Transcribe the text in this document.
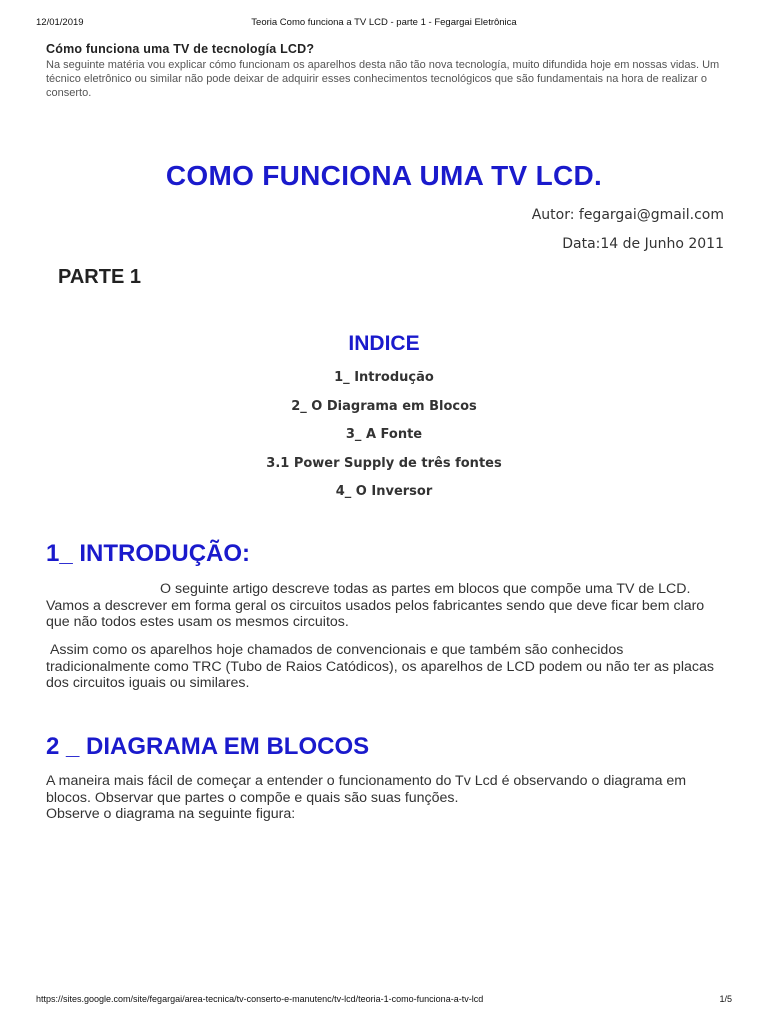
12/01/2019	Teoria Como funciona a TV LCD - parte 1 - Fegargai Eletrônica

Cómo funciona uma TV de tecnología LCD?

Na seguinte matéria vou explicar cómo funcionam os aparelhos desta não tão nova tecnología, muito difundida hoje em nossas vidas. Um técnico eletrônico ou similar não pode deixar de adquirir esses conhecimentos tecnológicos que são fundamentais na hora de realizar o conserto.

COMO FUNCIONA UMA TV LCD.
Autor: fegargai@gmail.com
Data:14 de Junho 2011
PARTE 1
INDICE
1_ Introdução
2_ O Diagrama em Blocos
3_ A Fonte
3.1 Power Supply de três fontes
4_ O Inversor
1_ INTRODUÇÃO:

O seguinte artigo descreve todas as partes em blocos que compõe uma TV de LCD. Vamos a descrever em forma geral os circuitos usados pelos fabricantes sendo que deve ficar bem claro que não todos estes usam os mesmos circuitos.

Assim como os aparelhos hoje chamados de convencionais e que também são conhecidos tradicionalmente como TRC (Tubo de Raios Catódicos), os aparelhos de LCD podem ou não ter as placas dos circuitos iguais ou similares.

2 _ DIAGRAMA EM BLOCOS

A maneira mais fácil de começar a entender o funcionamento do Tv Lcd é observando o diagrama em blocos. Observar que partes o compõe e quais são suas funções.

Observe o diagrama na seguinte figura:

https://sites.google.com/site/fegargai/area-tecnica/tv-conserto-e-manutenc/tv-lcd/teoria-1-como-funciona-a-tv-lcd	1/5
